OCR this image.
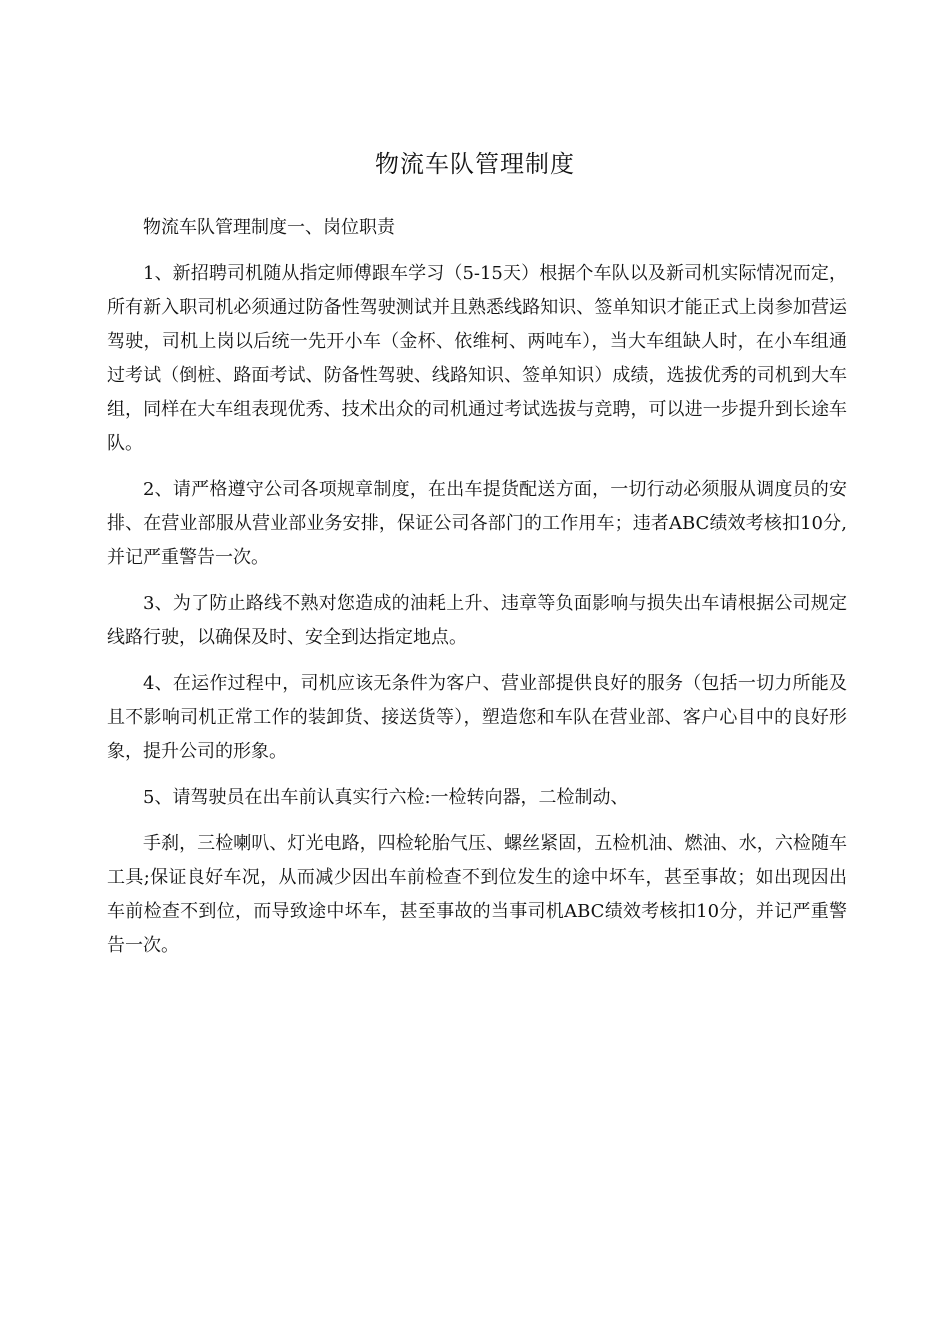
物流车队管理制度

物流车队管理制度一、岗位职责

1、新招聘司机随从指定师傅跟车学习（5-15天）根据个车队以及新司机实际情况而定，所有新入职司机必须通过防备性驾驶测试并且熟悉线路知识、签单知识才能正式上岗参加营运驾驶，司机上岗以后统一先开小车（金杯、依维柯、两吨车），当大车组缺人时，在小车组通过考试（倒桩、路面考试、防备性驾驶、线路知识、签单知识）成绩，选拔优秀的司机到大车组，同样在大车组表现优秀、技术出众的司机通过考试选拔与竞聘，可以进一步提升到长途车队。

2、请严格遵守公司各项规章制度，在出车提货配送方面，一切行动必须服从调度员的安排、在营业部服从营业部业务安排，保证公司各部门的工作用车；违者ABC绩效考核扣10分,并记严重警告一次。

3、为了防止路线不熟对您造成的油耗上升、违章等负面影响与损失出车请根据公司规定线路行驶，以确保及时、安全到达指定地点。

4、在运作过程中，司机应该无条件为客户、营业部提供良好的服务（包括一切力所能及且不影响司机正常工作的装卸货、接送货等），塑造您和车队在营业部、客户心目中的良好形象，提升公司的形象。

5、请驾驶员在出车前认真实行六检:一检转向器，二检制动、

手刹，三检喇叭、灯光电路，四检轮胎气压、螺丝紧固，五检机油、燃油、水，六检随车工具;保证良好车况，从而减少因出车前检查不到位发生的途中坏车，甚至事故；如出现因出车前检查不到位，而导致途中坏车，甚至事故的当事司机ABC绩效考核扣10分，并记严重警告一次。
